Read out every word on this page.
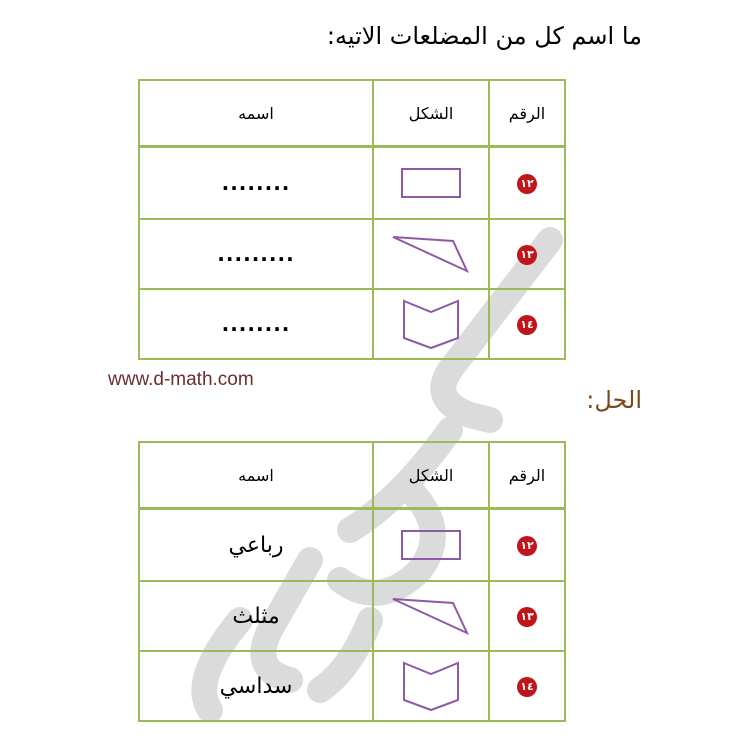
ما اسم كل من المضلعات الاتيه:
الرقم	الشكل	اسمه
١٢		........
١٣		.........
١٤		........
www.d-math.com
الحل:
الرقم	الشكل	اسمه
١٢		رباعي
١٣		مثلث
١٤		سداسي
